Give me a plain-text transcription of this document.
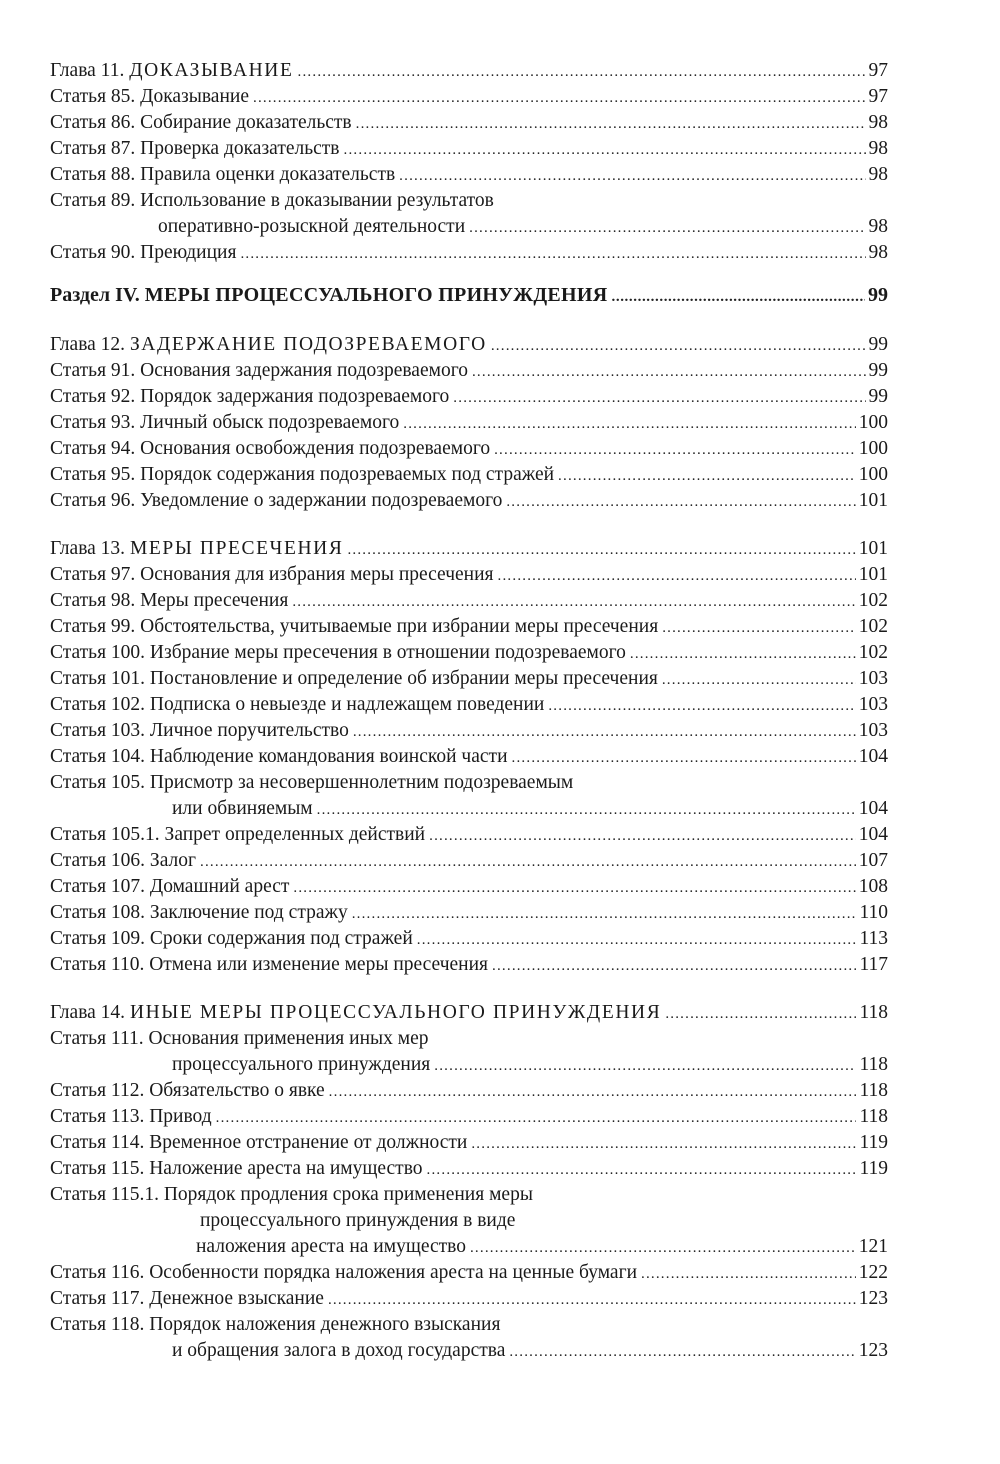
Глава 11.
ДОКАЗЫВАНИЕ .....	97
Статья 85.
Доказывание .....	97
Статья 86.
Собирание доказательств .....	98
Статья 87.
Проверка доказательств .....	98
Статья 88.
Правила оценки доказательств .....	98
Статья 89.
Использование в доказывании результатов
оперативно-розыскной деятельности .....	98
Статья 90.
Преюдиция .....	98
Раздел IV.
МЕРЫ ПРОЦЕССУАЛЬНОГО ПРИНУЖДЕНИЯ .....	99
Глава 12.
ЗАДЕРЖАНИЕ ПОДОЗРЕВАЕМОГО .....	99
Статья 91.
Основания задержания подозреваемого .....	99
Статья 92.
Порядок задержания подозреваемого .....	99
Статья 93.
Личный обыск подозреваемого .....	100
Статья 94.
Основания освобождения подозреваемого .....	100
Статья 95.
Порядок содержания подозреваемых под стражей .....	100
Статья 96.
Уведомление о задержании подозреваемого .....	101
Глава 13.
МЕРЫ ПРЕСЕЧЕНИЯ .....	101
Статья 97.
Основания для избрания меры пресечения .....	101
Статья 98.
Меры пресечения .....	102
Статья 99.
Обстоятельства, учитываемые при избрании меры пресечения .....	102
Статья 100.
Избрание меры пресечения в отношении подозреваемого .....	102
Статья 101.
Постановление и определение об избрании меры пресечения .....	103
Статья 102.
Подписка о невыезде и надлежащем поведении .....	103
Статья 103.
Личное поручительство .....	103
Статья 104.
Наблюдение командования воинской части .....	104
Статья 105.
Присмотр за несовершеннолетним подозреваемым
или обвиняемым .....	104
Статья 105.1.
Запрет определенных действий .....	104
Статья 106.
Залог .....	107
Статья 107.
Домашний арест .....	108
Статья 108.
Заключение под стражу .....	110
Статья 109.
Сроки содержания под стражей .....	113
Статья 110.
Отмена или изменение меры пресечения .....	117
Глава 14.
ИНЫЕ МЕРЫ ПРОЦЕССУАЛЬНОГО ПРИНУЖДЕНИЯ .....	118
Статья 111.
Основания применения иных мер
процессуального принуждения .....	118
Статья 112.
Обязательство о явке .....	118
Статья 113.
Привод .....	118
Статья 114.
Временное отстранение от должности .....	119
Статья 115.
Наложение ареста на имущество .....	119
Статья 115.1.
Порядок продления срока применения меры
процессуального принуждения в виде
наложения ареста на имущество .....	121
Статья 116.
Особенности порядка наложения ареста на ценные бумаги .....	122
Статья 117.
Денежное взыскание .....	123
Статья 118.
Порядок наложения денежного взыскания
и обращения залога в доход государства .....	123
